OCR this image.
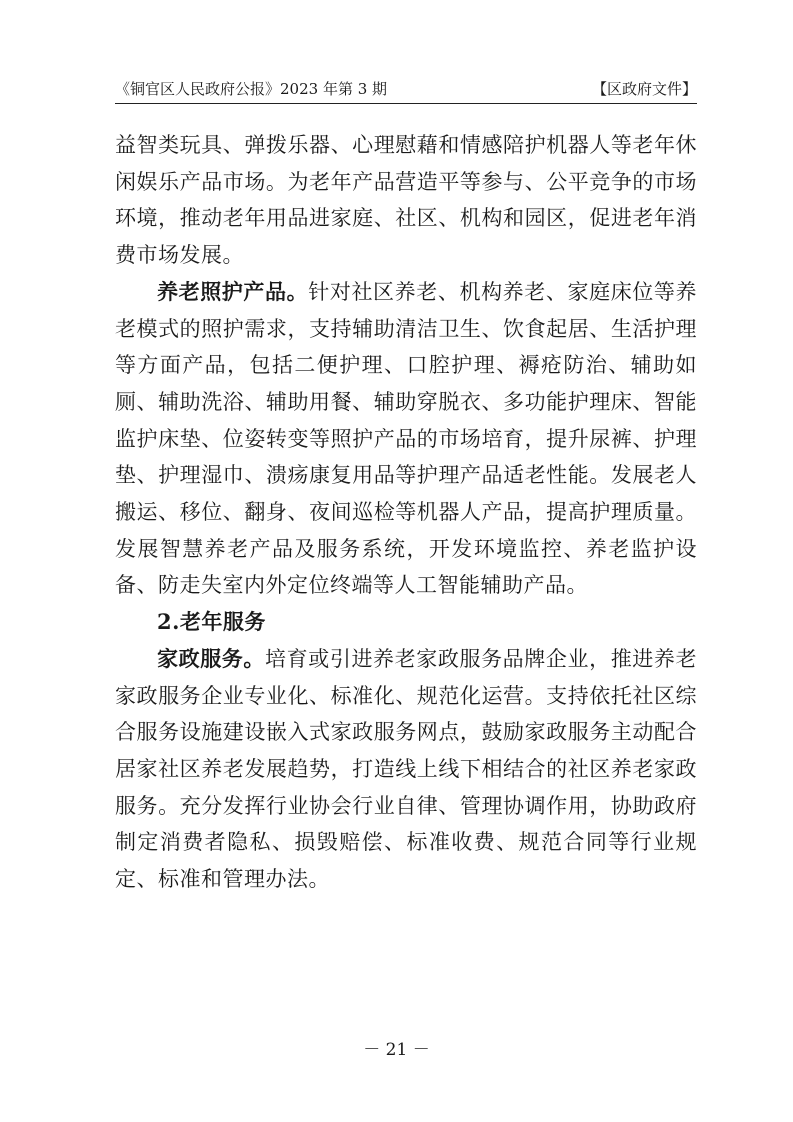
《铜官区人民政府公报》2023 年第 3 期	【区政府文件】

益智类玩具、弹拨乐器、心理慰藉和情感陪护机器人等老年休闲娱乐产品市场。为老年产品营造平等参与、公平竞争的市场环境，推动老年用品进家庭、社区、机构和园区，促进老年消费市场发展。

养老照护产品。针对社区养老、机构养老、家庭床位等养老模式的照护需求，支持辅助清洁卫生、饮食起居、生活护理等方面产品，包括二便护理、口腔护理、褥疮防治、辅助如厕、辅助洗浴、辅助用餐、辅助穿脱衣、多功能护理床、智能监护床垫、位姿转变等照护产品的市场培育，提升尿裤、护理垫、护理湿巾、溃疡康复用品等护理产品适老性能。发展老人搬运、移位、翻身、夜间巡检等机器人产品，提高护理质量。发展智慧养老产品及服务系统，开发环境监控、养老监护设备、防走失室内外定位终端等人工智能辅助产品。

2.老年服务

家政服务。培育或引进养老家政服务品牌企业，推进养老家政服务企业专业化、标准化、规范化运营。支持依托社区综合服务设施建设嵌入式家政服务网点，鼓励家政服务主动配合居家社区养老发展趋势，打造线上线下相结合的社区养老家政服务。充分发挥行业协会行业自律、管理协调作用，协助政府制定消费者隐私、损毁赔偿、标准收费、规范合同等行业规定、标准和管理办法。

－ 21 －
